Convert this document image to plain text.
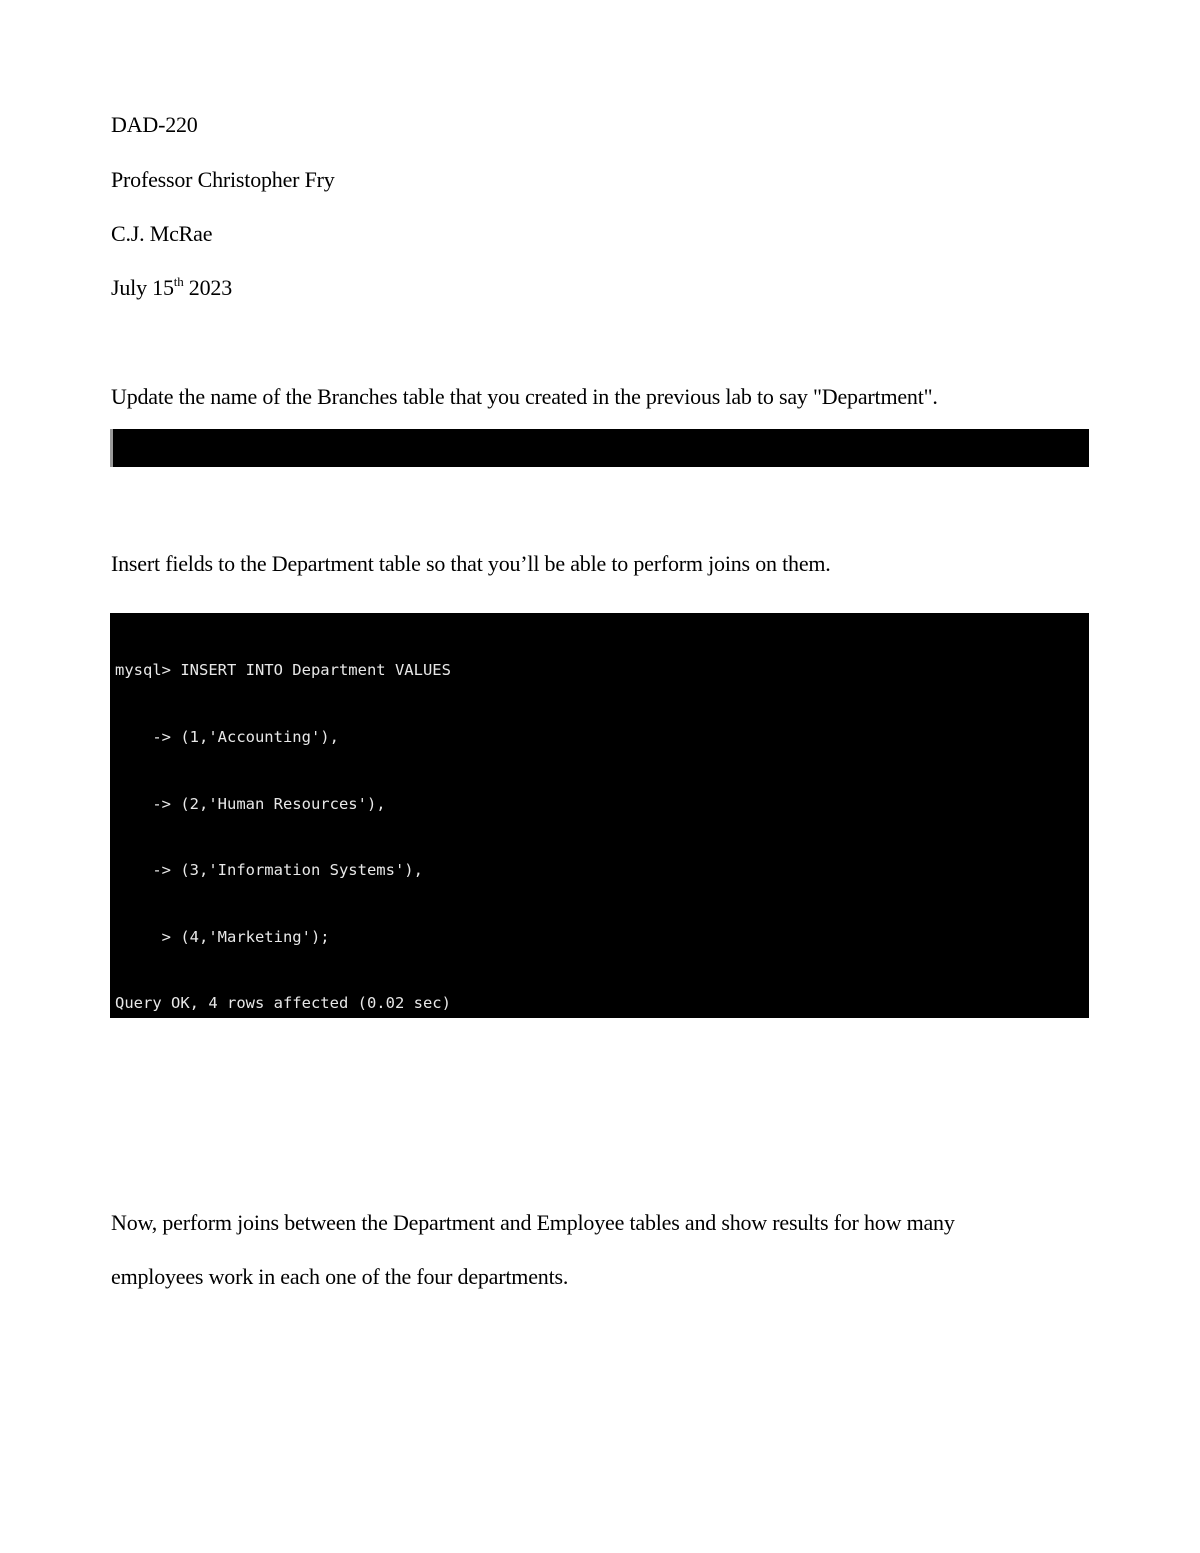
DAD-220
Professor Christopher Fry
C.J. McRae
July 15th 2023
Update the name of the Branches table that you created in the previous lab to say "Department".

Insert fields to the Department table so that you’ll be able to perform joins on them.

mysql> INSERT INTO Department VALUES

-> (1,'Accounting'),

-> (2,'Human Resources'),

-> (3,'Information Systems'),

> (4,'Marketing');

Query OK, 4 rows affected (0.02 sec)

Now, perform joins between the Department and Employee tables and show results for how many
employees work in each one of the four departments.
